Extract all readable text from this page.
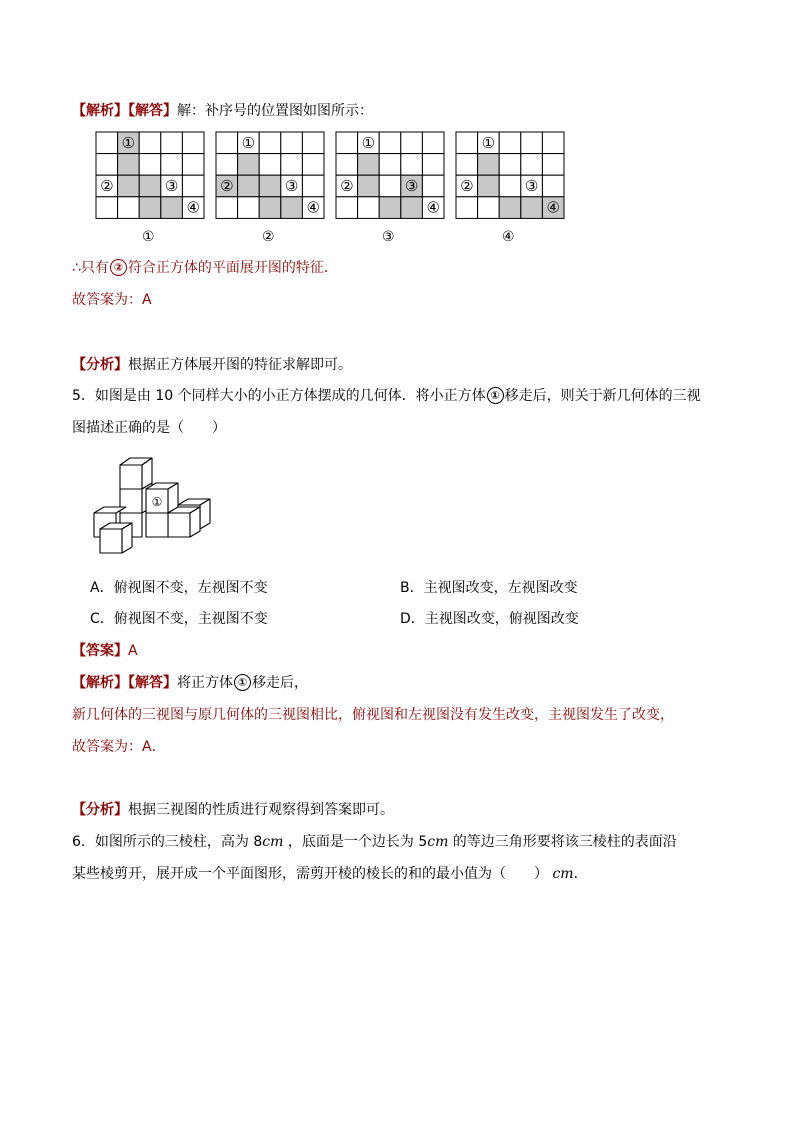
【解析】【解答】解：补序号的位置图如图所示：
①
②	③
④
①
①
②	③
④
②
①
②	③
④
③
①
②	③
④
④
∴只有 ② 符合正方体的平面展开图的特征．
故答案为：A
【分析】根据正方体展开图的特征求解即可。
5．如图是由 10 个同样大小的小正方体摆成的几何体．将小正方体 ① 移走后，则关于新几何体的三视
图描述正确的是（　　）
①
A．俯视图不变，左视图不变	B．主视图改变，左视图改变
C．俯视图不变，主视图不变	D．主视图改变，俯视图改变
【答案】A
【解析】【解答】将正方体 ① 移走后，
新几何体的三视图与原几何体的三视图相比，俯视图和左视图没有发生改变，主视图发生了改变，
故答案为：A．
【分析】根据三视图的性质进行观察得到答案即可。
6．如图所示的三棱柱，高为 8cm ，底面是一个边长为 5cm 的等边三角形要将该三棱柱的表面沿
某些棱剪开，展开成一个平面图形，需剪开棱的棱长的和的最小值为（　　） cm．
